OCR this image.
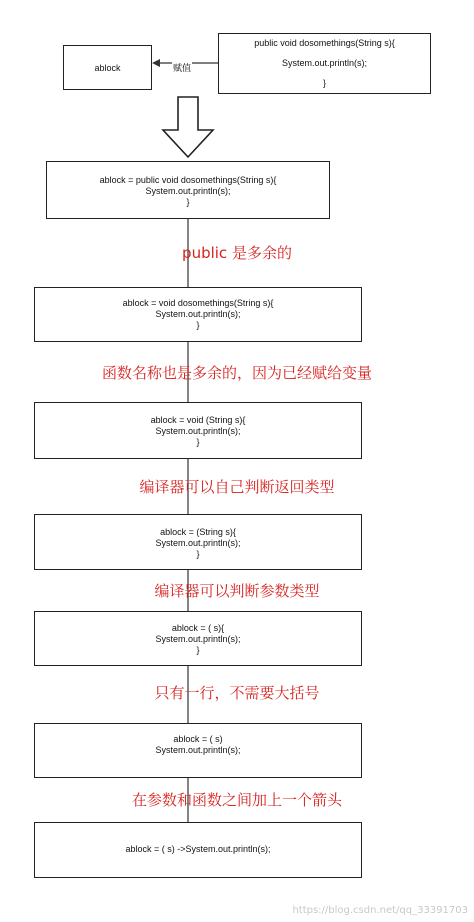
ablock	赋值
public void dosomethings(String s){
System.out.println(s);
}
ablock = public void dosomethings(String s){
System.out.println(s);
}
public 是多余的
ablock = void dosomethings(String s){
System.out.println(s);
}
函数名称也是多余的，因为已经赋给变量
ablock = void (String s){
System.out.println(s);
}
编译器可以自己判断返回类型
ablock = (String s){
System.out.println(s);
}
编译器可以判断参数类型
ablock = ( s){
System.out.println(s);
}
只有一行，不需要大括号
ablock = ( s)
System.out.println(s);
在参数和函数之间加上一个箭头
ablock = ( s) ->System.out.println(s);
https://blog.csdn.net/qq_33391703
